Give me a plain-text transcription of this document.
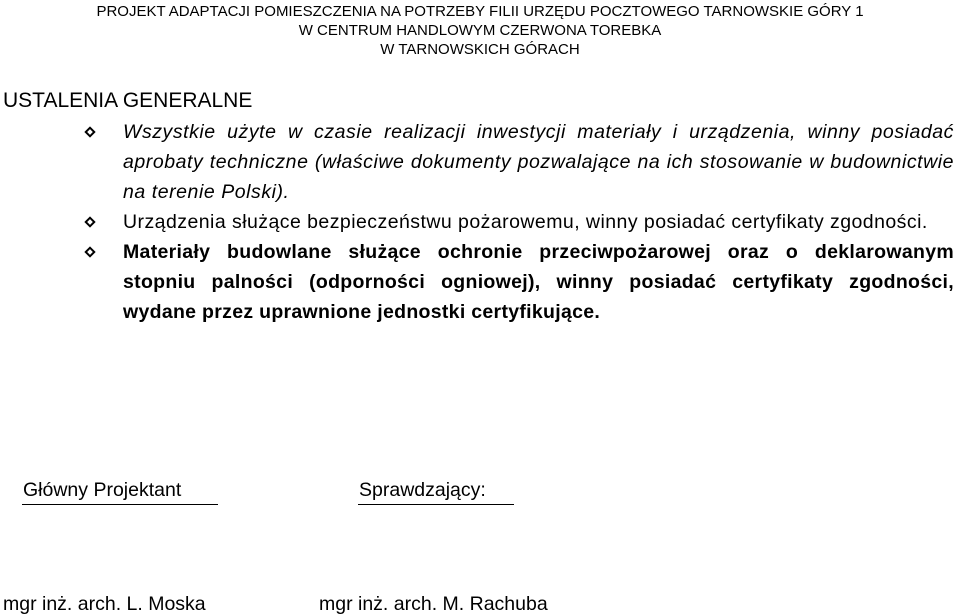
PROJEKT ADAPTACJI POMIESZCZENIA NA POTRZEBY FILII URZĘDU POCZTOWEGO TARNOWSKIE GÓRY 1
W CENTRUM HANDLOWYM CZERWONA TOREBKA
W TARNOWSKICH GÓRACH
USTALENIA GENERALNE
Wszystkie użyte w czasie realizacji inwestycji materiały i urządzenia, winny posiadać aprobaty techniczne (właściwe dokumenty pozwalające na ich stosowanie w budownictwie na terenie Polski).
Urządzenia służące bezpieczeństwu pożarowemu, winny posiadać certyfikaty zgodności.
Materiały budowlane służące ochronie przeciwpożarowej oraz o deklarowanym stopniu palności (odporności ogniowej), winny posiadać certyfikaty zgodności, wydane przez uprawnione jednostki certyfikujące.
Główny Projektant	Sprawdzający:
mgr inż. arch. L. Moska	mgr inż. arch. M. Rachuba
